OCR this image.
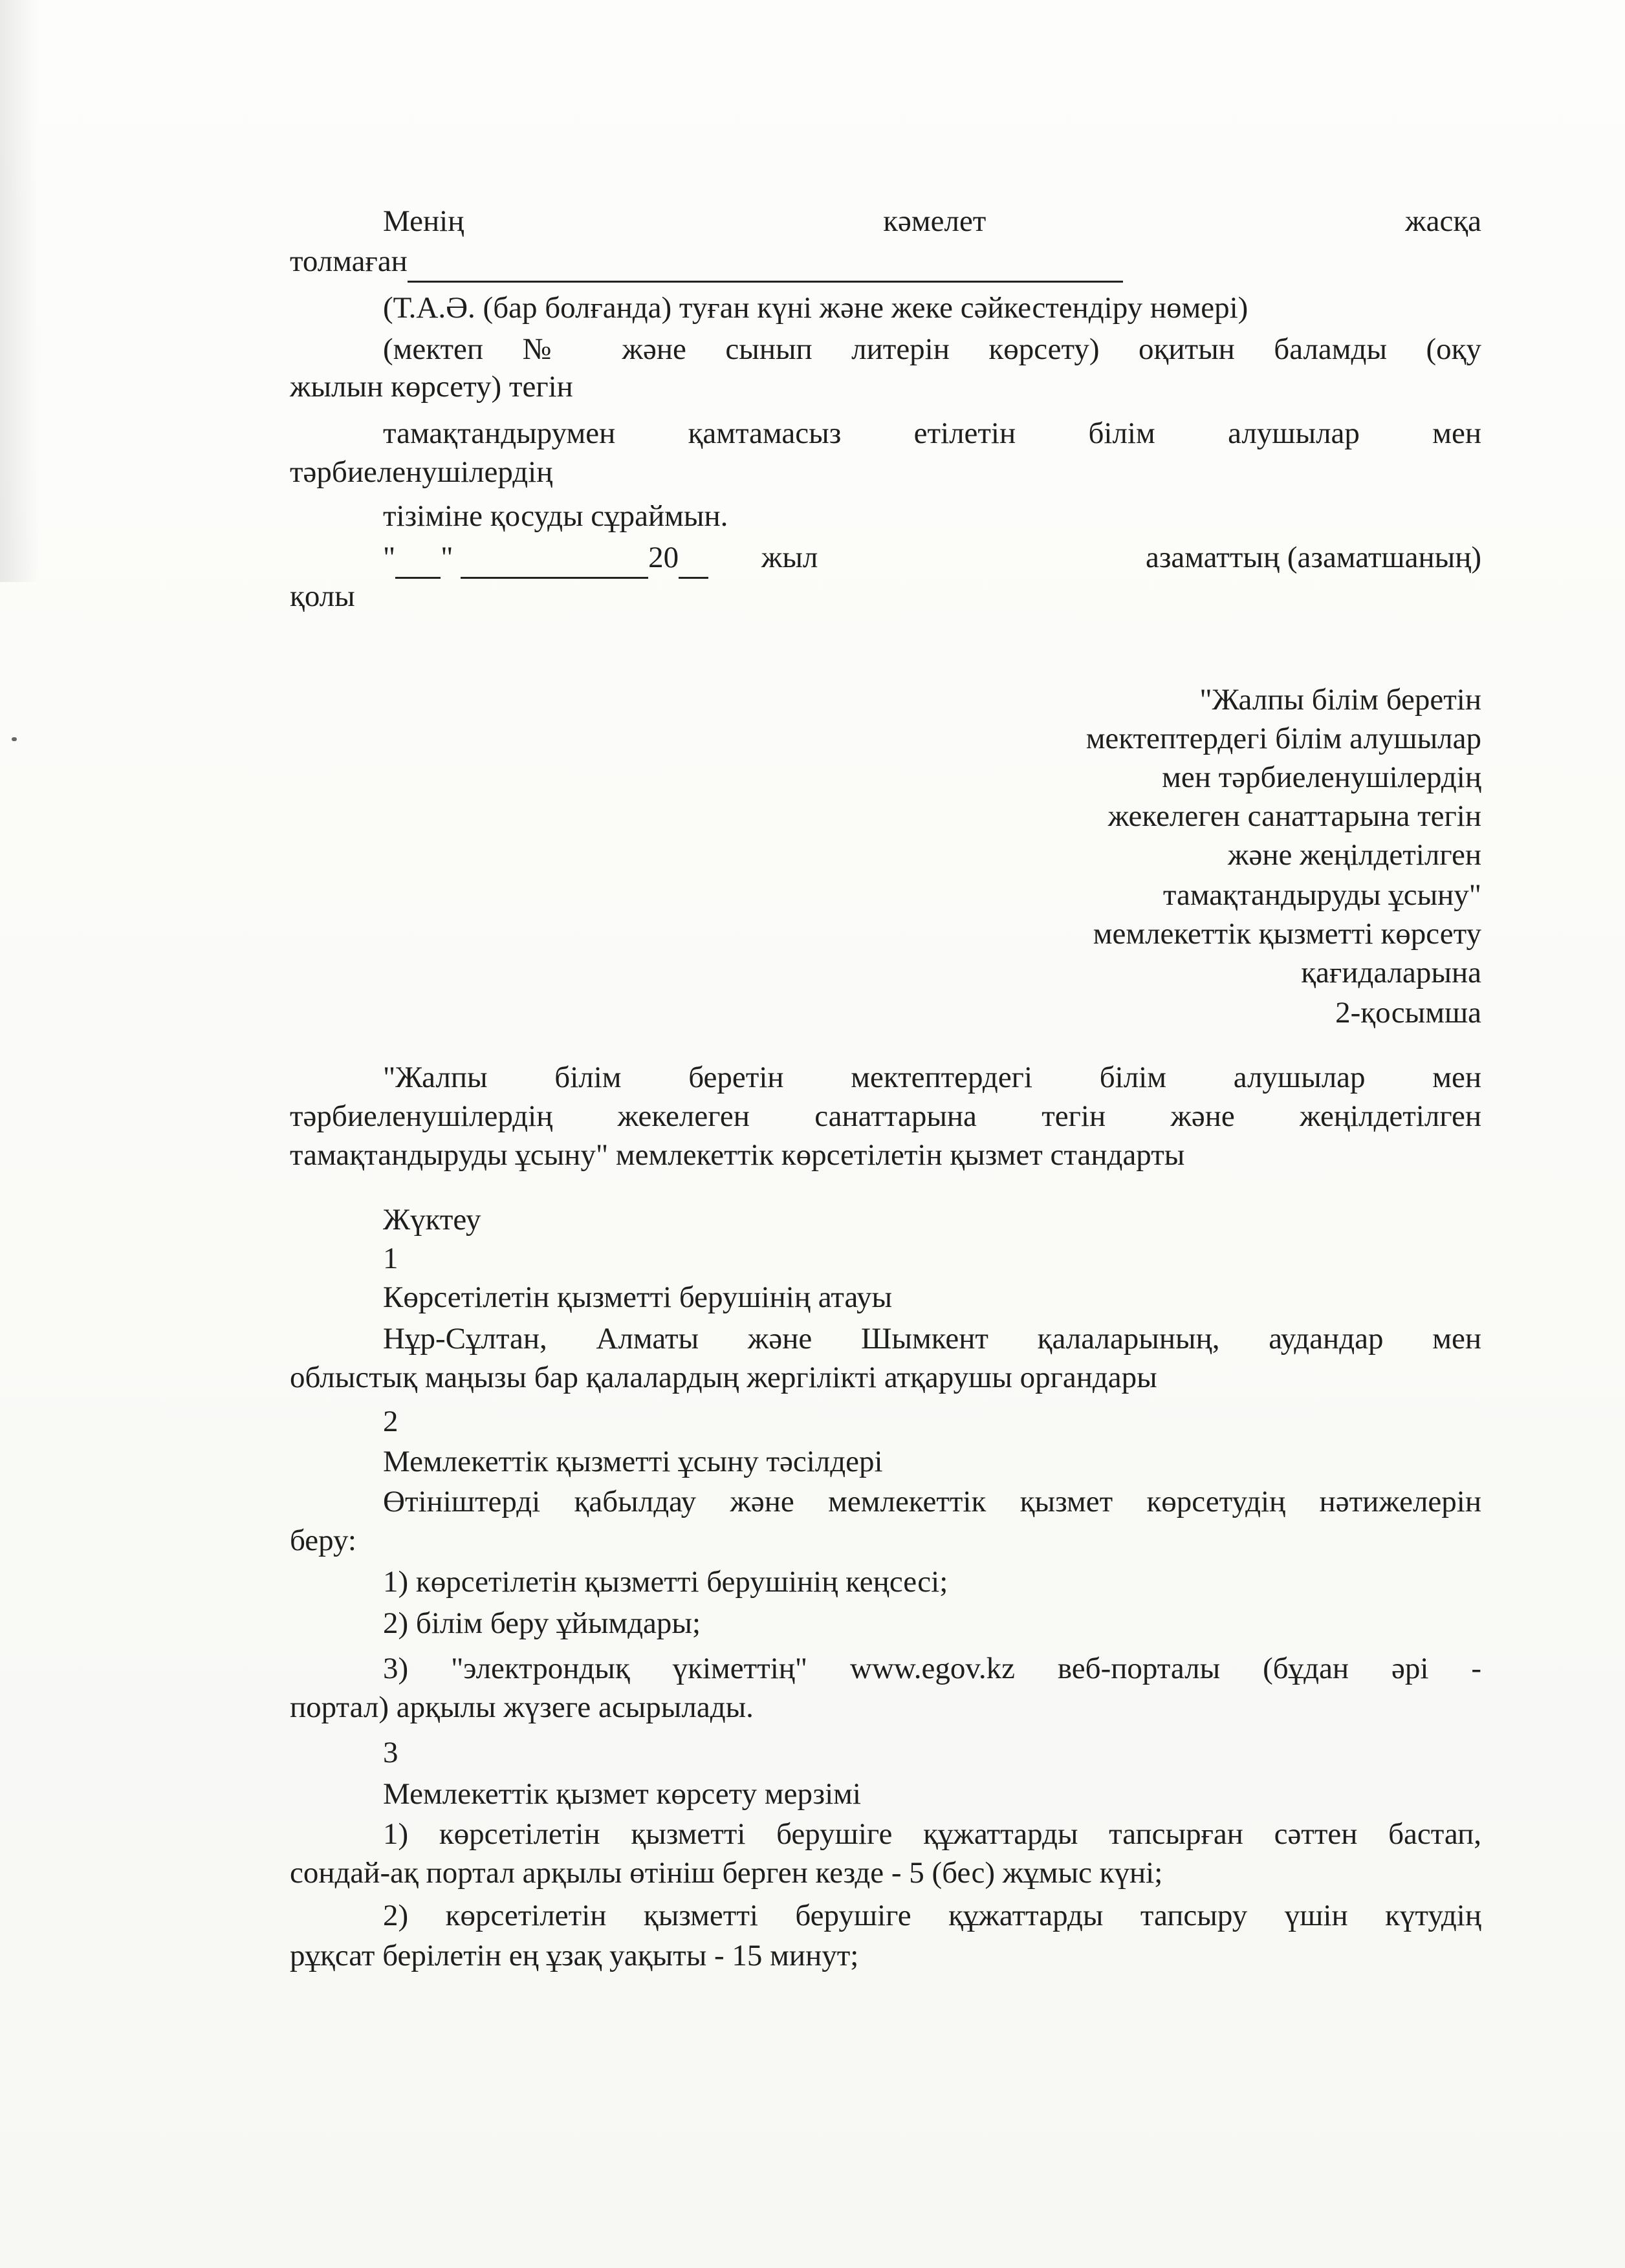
Менің	кәмелет	жасқа
толмаған
(Т.А.Ә. (бар болғанда) туған күні және жеке сәйкестендіру нөмері)
(мектеп № және сынып литерін көрсету) оқитын баламды (оқу
жылын көрсету) тегін
тамақтандырумен қамтамасыз етілетін білім алушылар мен
тәрбиеленушілердің
тізіміне қосуды сұраймын.
" "	20	жыл	азаматтың (азаматшаның)
қолы
"Жалпы білім беретін
мектептердегі білім алушылар
мен тәрбиеленушілердің
жекелеген санаттарына тегін
және жеңілдетілген
тамақтандыруды ұсыну"
мемлекеттік қызметті көрсету
қағидаларына
2-қосымша
"Жалпы білім беретін мектептердегі білім алушылар мен
тәрбиеленушілердің жекелеген санаттарына тегін және жеңілдетілген
тамақтандыруды ұсыну" мемлекеттік көрсетілетін қызмет стандарты
Жүктеу
1
Көрсетілетін қызметті берушінің атауы
Нұр-Сұлтан, Алматы және Шымкент қалаларының, аудандар мен
облыстық маңызы бар қалалардың жергілікті атқарушы органдары
2
Мемлекеттік қызметті ұсыну тәсілдері
Өтініштерді қабылдау және мемлекеттік қызмет көрсетудің нәтижелерін
беру:
1) көрсетілетін қызметті берушінің кеңсесі;
2) білім беру ұйымдары;
3) "электрондық үкіметтің" www.egov.kz веб-порталы (бұдан әрі -
портал) арқылы жүзеге асырылады.
3
Мемлекеттік қызмет көрсету мерзімі
1) көрсетілетін қызметті берушіге құжаттарды тапсырған сәттен бастап,
сондай-ақ портал арқылы өтініш берген кезде - 5 (бес) жұмыс күні;
2) көрсетілетін қызметті берушіге құжаттарды тапсыру үшін күтудің
рұқсат берілетін ең ұзақ уақыты - 15 минут;
